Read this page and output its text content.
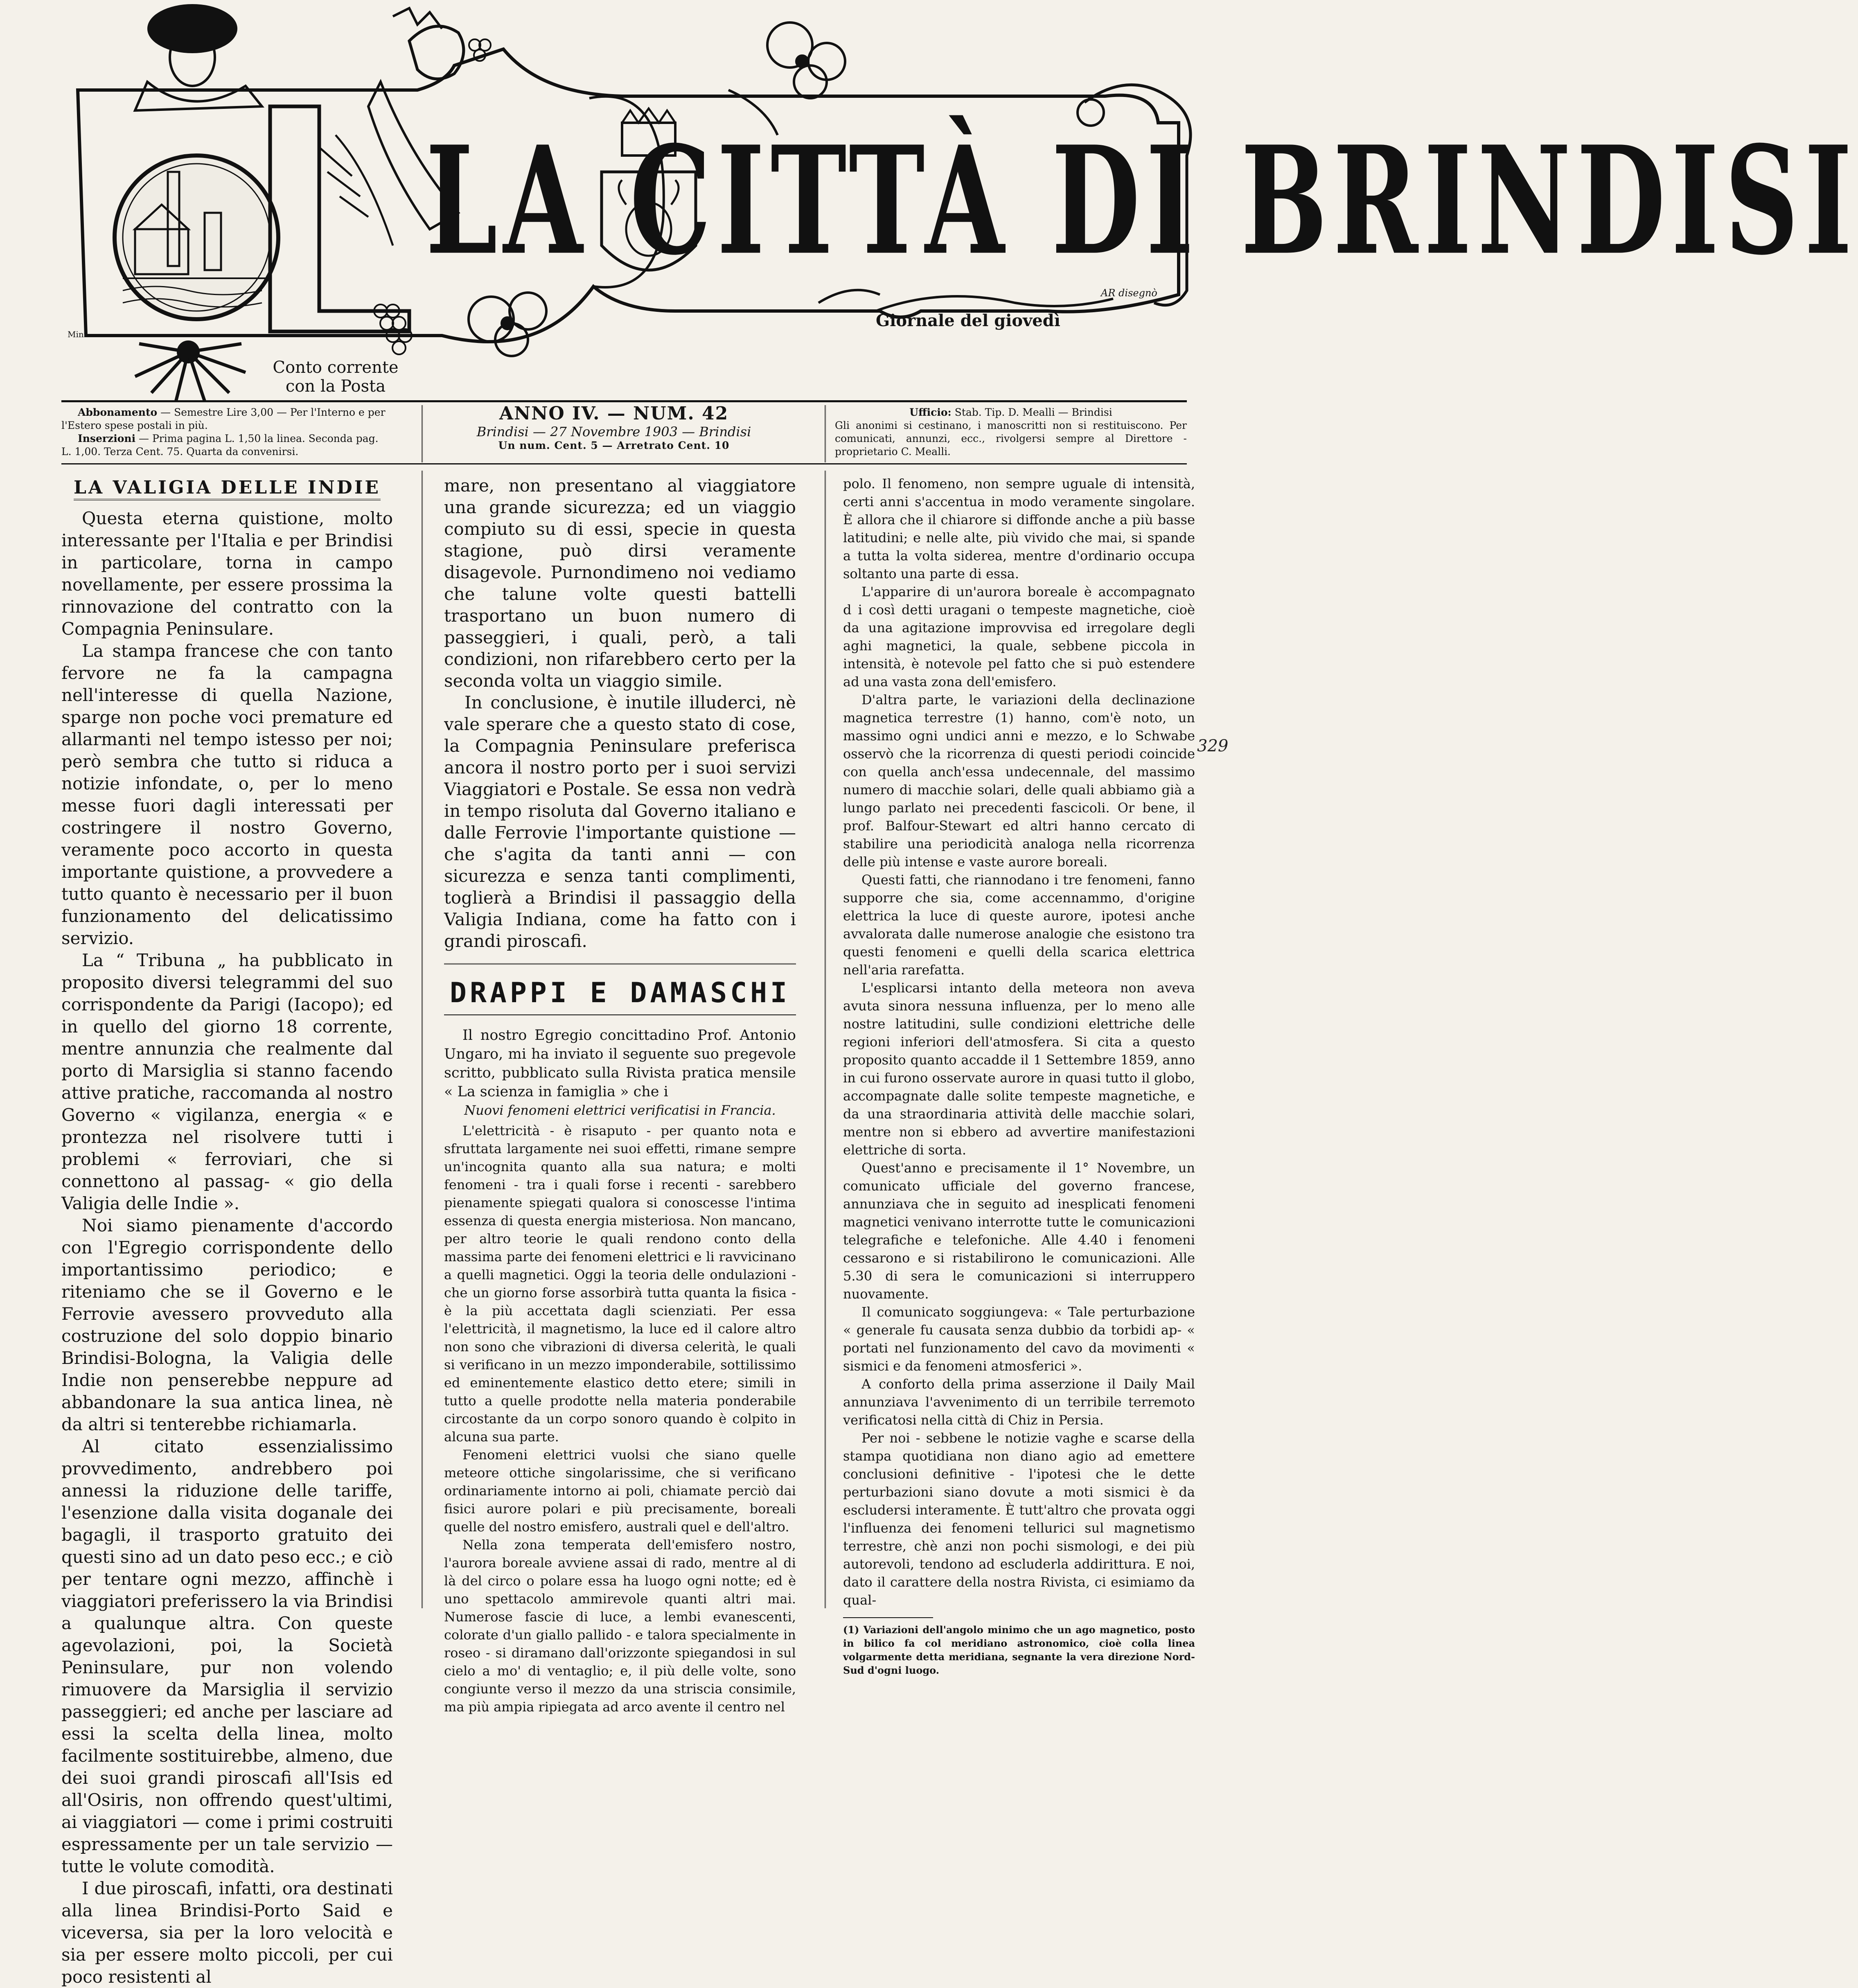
LA CITTÀ DI BRINDISI
AR disegnò
Mini
Giornale del giovedì
Conto corrente con la Posta
Abbonamento — Semestre Lire 3,00 — Per l'Interno e per l'Estero spese postali in più.
Inserzioni — Prima pagina L. 1,50 la linea. Seconda pag. L. 1,00. Terza Cent. 75. Quarta da convenirsi.
ANNO IV. — NUM. 42
Brindisi — 27 Novembre 1903 — Brindisi
Un num. Cent. 5 — Arretrato Cent. 10
Ufficio: Stab. Tip. D. Mealli — Brindisi
Gli anonimi si cestinano, i manoscritti non si restituiscono. Per comunicati, annunzi, ecc., rivolgersi sempre al Direttore - proprietario C. Mealli.
LA VALIGIA DELLE INDIE

Questa eterna quistione, molto interessante per l'Italia e per Brindisi in particolare, torna in campo novellamente, per essere prossima la rinnovazione del contratto con la Compagnia Peninsulare.

La stampa francese che con tanto fervore ne fa la campagna nell'interesse di quella Nazione, sparge non poche voci premature ed allarmanti nel tempo istesso per noi; però sembra che tutto si riduca a notizie infondate, o, per lo meno messe fuori dagli interessati per costringere il nostro Governo, veramente poco accorto in questa importante quistione, a provvedere a tutto quanto è necessario per il buon funzionamento del delicatissimo servizio.

La “ Tribuna „ ha pubblicato in proposito diversi telegrammi del suo corrispondente da Parigi (Iacopo); ed in quello del giorno 18 corrente, mentre annunzia che realmente dal porto di Marsiglia si stanno facendo attive pratiche, raccomanda al nostro Governo « vigilanza, energia « e prontezza nel risolvere tutti i problemi « ferroviari, che si connettono al passag- « gio della Valigia delle Indie ».

Noi siamo pienamente d'accordo con l'Egregio corrispondente dello importantissimo periodico; e riteniamo che se il Governo e le Ferrovie avessero provveduto alla costruzione del solo doppio binario Brindisi-Bologna, la Valigia delle Indie non penserebbe neppure ad abbandonare la sua antica linea, nè da altri si tenterebbe richiamarla.

Al citato essenzialissimo provvedimento, andrebbero poi annessi la riduzione delle tariffe, l'esenzione dalla visita doganale dei bagagli, il trasporto gratuito dei questi sino ad un dato peso ecc.; e ciò per tentare ogni mezzo, affinchè i viaggiatori preferissero la via Brindisi a qualunque altra. Con queste agevolazioni, poi, la Società Peninsulare, pur non volendo rimuovere da Marsiglia il servizio passeggieri; ed anche per lasciare ad essi la scelta della linea, molto facilmente sostituirebbe, almeno, due dei suoi grandi piroscafi all'Isis ed all'Osiris, non offrendo quest'ultimi, ai viaggiatori — come i primi costruiti espressamente per un tale servizio — tutte le volute comodità.

I due piroscafi, infatti, ora destinati alla linea Brindisi-Porto Said e viceversa, sia per la loro velocità e sia per essere molto piccoli, per cui poco resistenti al

mare, non presentano al viaggiatore una grande sicurezza; ed un viaggio compiuto su di essi, specie in questa stagione, può dirsi veramente disagevole. Purnondimeno noi vediamo che talune volte questi battelli trasportano un buon numero di passeggieri, i quali, però, a tali condizioni, non rifarebbero certo per la seconda volta un viaggio simile.

In conclusione, è inutile illuderci, nè vale sperare che a questo stato di cose, la Compagnia Peninsulare preferisca ancora il nostro porto per i suoi servizi Viaggiatori e Postale. Se essa non vedrà in tempo risoluta dal Governo italiano e dalle Ferrovie l'importante quistione — che s'agita da tanti anni — con sicurezza e senza tanti complimenti, toglierà a Brindisi il passaggio della Valigia Indiana, come ha fatto con i grandi piroscafi.

DRAPPI E DAMASCHI

Il nostro Egregio concittadino Prof. Antonio Ungaro, mi ha inviato il seguente suo pregevole scritto, pubblicato sulla Rivista pratica mensile « La scienza in famiglia » che i

Nuovi fenomeni elettrici verificatisi in Francia.

L'elettricità - è risaputo - per quanto nota e sfruttata largamente nei suoi effetti, rimane sempre un'incognita quanto alla sua natura; e molti fenomeni - tra i quali forse i recenti - sarebbero pienamente spiegati qualora si conoscesse l'intima essenza di questa energia misteriosa. Non mancano, per altro teorie le quali rendono conto della massima parte dei fenomeni elettrici e li ravvicinano a quelli magnetici. Oggi la teoria delle ondulazioni - che un giorno forse assorbirà tutta quanta la fisica - è la più accettata dagli scienziati. Per essa l'elettricità, il magnetismo, la luce ed il calore altro non sono che vibrazioni di diversa celerità, le quali si verificano in un mezzo imponderabile, sottilissimo ed eminentemente elastico detto etere; simili in tutto a quelle prodotte nella materia ponderabile circostante da un corpo sonoro quando è colpito in alcuna sua parte.

Fenomeni elettrici vuolsi che siano quelle meteore ottiche singolarissime, che si verificano ordinariamente intorno ai poli, chiamate perciò dai fisici aurore polari e più precisamente, boreali quelle del nostro emisfero, australi quel e dell'altro.

Nella zona temperata dell'emisfero nostro, l'aurora boreale avviene assai di rado, mentre al di là del circo o polare essa ha luogo ogni notte; ed è uno spettacolo ammirevole quanti altri mai. Numerose fascie di luce, a lembi evanescenti, colorate d'un giallo pallido - e talora specialmente in roseo - si diramano dall'orizzonte spiegandosi in sul cielo a mo' di ventaglio; e, il più delle volte, sono congiunte verso il mezzo da una striscia consimile, ma più ampia ripiegata ad arco avente il centro nel

polo. Il fenomeno, non sempre uguale di intensità, certi anni s'accentua in modo veramente singolare. È allora che il chiarore si diffonde anche a più basse latitudini; e nelle alte, più vivido che mai, si spande a tutta la volta siderea, mentre d'ordinario occupa soltanto una parte di essa.

L'apparire di un'aurora boreale è accompagnato d i così detti uragani o tempeste magnetiche, cioè da una agitazione improvvisa ed irregolare degli aghi magnetici, la quale, sebbene piccola in intensità, è notevole pel fatto che si può estendere ad una vasta zona dell'emisfero.

D'altra parte, le variazioni della declinazione magnetica terrestre (1) hanno, com'è noto, un massimo ogni undici anni e mezzo, e lo Schwabe osservò che la ricorrenza di questi periodi coincide con quella anch'essa undecennale, del massimo numero di macchie solari, delle quali abbiamo già a lungo parlato nei precedenti fascicoli. Or bene, il prof. Balfour-Stewart ed altri hanno cercato di stabilire una periodicità analoga nella ricorrenza delle più intense e vaste aurore boreali.

Questi fatti, che riannodano i tre fenomeni, fanno supporre che sia, come accennammo, d'origine elettrica la luce di queste aurore, ipotesi anche avvalorata dalle numerose analogie che esistono tra questi fenomeni e quelli della scarica elettrica nell'aria rarefatta.

L'esplicarsi intanto della meteora non aveva avuta sinora nessuna influenza, per lo meno alle nostre latitudini, sulle condizioni elettriche delle regioni inferiori dell'atmosfera. Si cita a questo proposito quanto accadde il 1 Settembre 1859, anno in cui furono osservate aurore in quasi tutto il globo, accompagnate dalle solite tempeste magnetiche, e da una straordinaria attività delle macchie solari, mentre non si ebbero ad avvertire manifestazioni elettriche di sorta.

Quest'anno e precisamente il 1° Novembre, un comunicato ufficiale del governo francese, annunziava che in seguito ad inesplicati fenomeni magnetici venivano interrotte tutte le comunicazioni telegrafiche e telefoniche. Alle 4.40 i fenomeni cessarono e si ristabilirono le comunicazioni. Alle 5.30 di sera le comunicazioni si interruppero nuovamente.

Il comunicato soggiungeva: « Tale perturbazione « generale fu causata senza dubbio da torbidi ap- « portati nel funzionamento del cavo da movimenti « sismici e da fenomeni atmosferici ».

A conforto della prima asserzione il Daily Mail annunziava l'avvenimento di un terribile terremoto verificatosi nella città di Chiz in Persia.

Per noi - sebbene le notizie vaghe e scarse della stampa quotidiana non diano agio ad emettere conclusioni definitive - l'ipotesi che le dette perturbazioni siano dovute a moti sismici è da escludersi interamente. È tutt'altro che provata oggi l'influenza dei fenomeni tellurici sul magnetismo terrestre, chè anzi non pochi sismologi, e dei più autorevoli, tendono ad escluderla addirittura. E noi, dato il carattere della nostra Rivista, ci esimiamo da qual-

(1) Variazioni dell'angolo minimo che un ago magnetico, posto in bilico fa col meridiano astronomico, cioè colla linea volgarmente detta meridiana, segnante la vera direzione Nord-Sud d'ogni luogo.

329
